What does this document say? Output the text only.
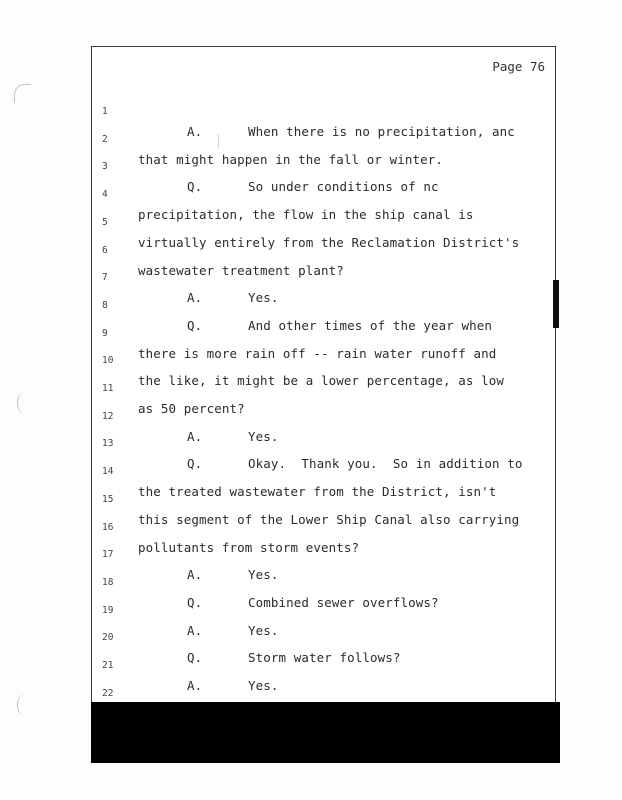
Page 76

1

A.      When there is no precipitation, anc

2

that might happen in the fall or winter.

3

Q.      So under conditions of nc

4

precipitation, the flow in the ship canal is

5

virtually entirely from the Reclamation District's

6

wastewater treatment plant?

7

A.      Yes.

8

Q.      And other times of the year when

9

there is more rain off -- rain water runoff and

10

the like, it might be a lower percentage, as low

11

as 50 percent?

12

A.      Yes.

13

Q.      Okay.  Thank you.  So in addition to

14

the treated wastewater from the District, isn't

15

this segment of the Lower Ship Canal also carrying

16

pollutants from storm events?

17

A.      Yes.

18

Q.      Combined sewer overflows?

19

A.      Yes.

20

Q.      Storm water follows?

21

A.      Yes.

22
